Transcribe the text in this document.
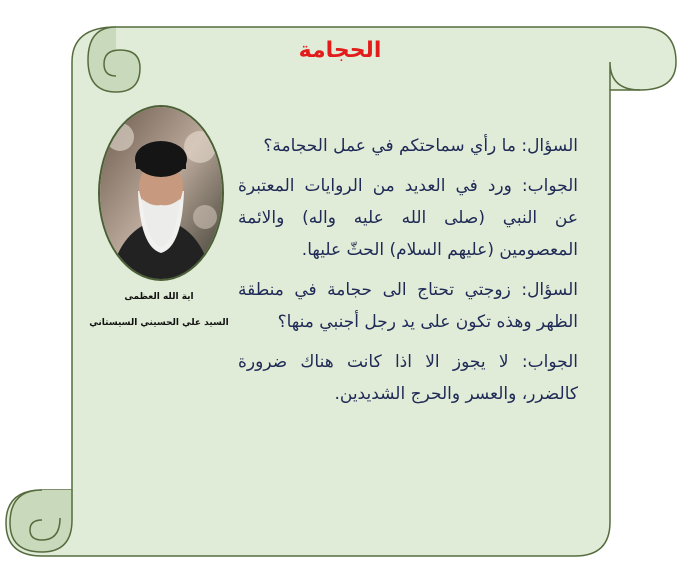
الحجامة
اية الله العظمى
السيد علي الحسيني السيستاني

السؤال: ما رأي سماحتكم في عمل الحجامة؟

الجواب: ورد في العديد من الروايات المعتبرة عن النبي (صلى الله عليه واله) والائمة المعصومين (عليهم السلام) الحثّ عليها.

السؤال: زوجتي تحتاج الى حجامة في منطقة الظهر وهذه تكون على يد رجل أجنبي منها؟

الجواب: لا يجوز الا اذا كانت هناك ضرورة كالضرر، والعسر والحرج الشديدين.
